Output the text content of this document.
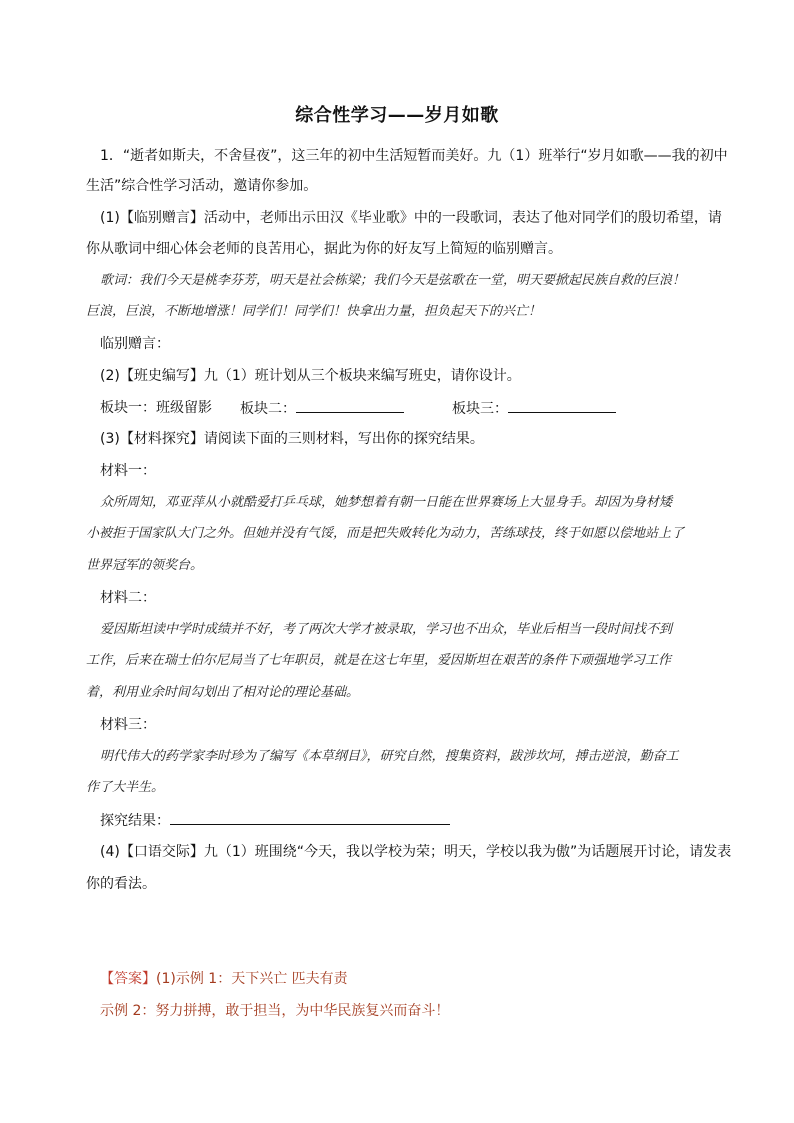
综合性学习——岁月如歌
1．“逝者如斯夫，不舍昼夜”，这三年的初中生活短暂而美好。九（1）班举行“岁月如歌——我的初中
生活”综合性学习活动，邀请你参加。
(1)【临别赠言】活动中，老师出示田汉《毕业歌》中的一段歌词，表达了他对同学们的殷切希望，请
你从歌词中细心体会老师的良苦用心，据此为你的好友写上简短的临别赠言。
歌词：我们今天是桃李芬芳，明天是社会栋梁；我们今天是弦歌在一堂，明天要掀起民族自救的巨浪！
巨浪，巨浪，不断地增涨！同学们！同学们！快拿出力量，担负起天下的兴亡！
临别赠言：
(2)【班史编写】九（1）班计划从三个板块来编写班史，请你设计。
板块一：班级留影 板块二：	板块三：
(3)【材料探究】请阅读下面的三则材料，写出你的探究结果。
材料一：
众所周知，邓亚萍从小就酷爱打乒乓球，她梦想着有朝一日能在世界赛场上大显身手。却因为身材矮
小被拒于国家队大门之外。但她并没有气馁，而是把失败转化为动力，苦练球技，终于如愿以偿地站上了
世界冠军的领奖台。
材料二：
爱因斯坦读中学时成绩并不好，考了两次大学才被录取，学习也不出众，毕业后相当一段时间找不到
工作，后来在瑞士伯尔尼局当了七年职员，就是在这七年里，爱因斯坦在艰苦的条件下顽强地学习工作
着，利用业余时间勾划出了相对论的理论基础。
材料三：
明代伟大的药学家李时珍为了编写《本草纲目》，研究自然，搜集资料，跋涉坎坷，搏击逆浪，勤奋工
作了大半生。
探究结果：
(4)【口语交际】九（1）班围绕“今天，我以学校为荣；明天，学校以我为傲”为话题展开讨论，请发表
你的看法。
【答案】(1)示例 1：天下兴亡 匹夫有责
示例 2：努力拼搏，敢于担当，为中华民族复兴而奋斗！
